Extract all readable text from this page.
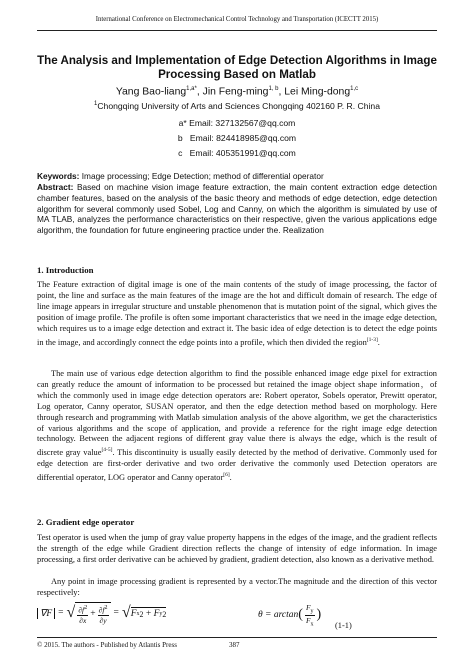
International Conference on Electromechanical Control Technology and Transportation (ICECTT 2015)
The Analysis and Implementation of Edge Detection Algorithms in Image
Processing Based on Matlab
Yang Bao-liang$^{1,a*}$, Jin Feng-ming$^{1, b}$, Lei Ming-dong$^{1,c}$
$^1$Chongqing University of Arts and Sciences Chongqing 402160 P. R. China
a* Email: 327132567@qq.com
b Email: 824418985@qq.com
c Email: 405351991@qq.com
Keywords: Image processing; Edge Detection; method of differential operator
Abstract: Based on machine vision image feature extraction, the main content extraction edge detection chamber features, based on the analysis of the basic theory and methods of edge detection, edge detection algorithm for several commonly used Sobel, Log and Canny, on which the algorithm is simulated by use of MA TLAB, analyzes the performance characteristics on their respective, given the various applications edge algorithm, the foundation for future engineering practice under the. Realization
1. Introduction
The Feature extraction of digital image is one of the main contents of the study of image processing, the factor of point, the line and surface as the main features of the image are the hot and difficult domain of research. The edge of line image appears in irregular structure and unstable phenomenon that is mutation point of the signal, which gives the position of image profile. The profile is often some important characteristics that we need in the image edge detection, which requires us to a image edge detection and extract it. The basic idea of edge detection is to detect the edge points in the image, and accordingly connect the edge points into a profile, which then divided the region[1-3].
The main use of various edge detection algorithm to find the possible enhanced image edge pixel for extraction can greatly reduce the amount of information to be processed but retained the image object shape information，of which the commonly used in image edge detection operators are: Robert operator, Sobels operator, Prewitt operator, Log operator, Canny operator, SUSAN operator, and then the edge detection method based on morphology. Here through research and programming with Matlab simulation analysis of the above algorithm, we get the characteristics of various algorithms and the scope of application, and provide a reference for the right image edge detection technology. Between the adjacent regions of different gray value there is always the edge, which is the result of discrete gray value[4-5]. This discontinuity is usually easily detected by the method of derivative. Commonly used for edge detection are first-order derivative and two order derivative the commonly used Detection operators are differential operator, LOG operator and Canny operator[6].
2. Gradient edge operator
Test operator is used when the jump of gray value property happens in the edges of the image, and the gradient reflects the strength of the edge while Gradient direction reflects the change of intensity of edge information. In image processing, a first order derivative can be achieved by gradient, gradient detection, also known as a derivative method.
Any point in image processing gradient is represented by a vector.The magnitude and the direction of this vector respectively:
∇F = √ $\frac{\partial f^2}{\partial x} + \frac{\partial f^2}{\partial y}$ = √ F x 2 + F y 2	θ = arctan ( $\frac{F_y}{F_x}$ )
(1-1)
© 2015. The authors - Published by Atlantis Press	387
